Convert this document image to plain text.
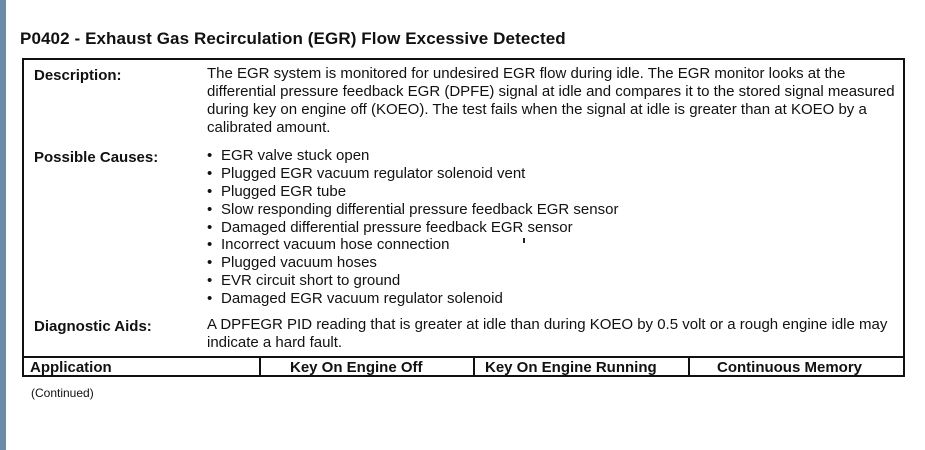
P0402 - Exhaust Gas Recirculation (EGR) Flow Excessive Detected
Description:	The EGR system is monitored for undesired EGR flow during idle. The EGR monitor looks at the differential pressure feedback EGR (DPFE) signal at idle and compares it to the stored signal measured during key on engine off (KOEO). The test fails when the signal at idle is greater than at KOEO by a calibrated amount.
Possible Causes:
•	EGR valve stuck open
• Plugged EGR vacuum regulator solenoid vent
• Plugged EGR tube
• Slow responding differential pressure feedback EGR sensor
• Damaged differential pressure feedback EGR sensor
• Incorrect vacuum hose connection
• Plugged vacuum hoses
• EVR circuit short to ground
• Damaged EGR vacuum regulator solenoid
Diagnostic Aids:	A DPFEGR PID reading that is greater at idle than during KOEO by 0.5 volt or a rough engine idle may indicate a hard fault.
Application	Key On Engine Off	Key On Engine Running	Continuous Memory
(Continued)
